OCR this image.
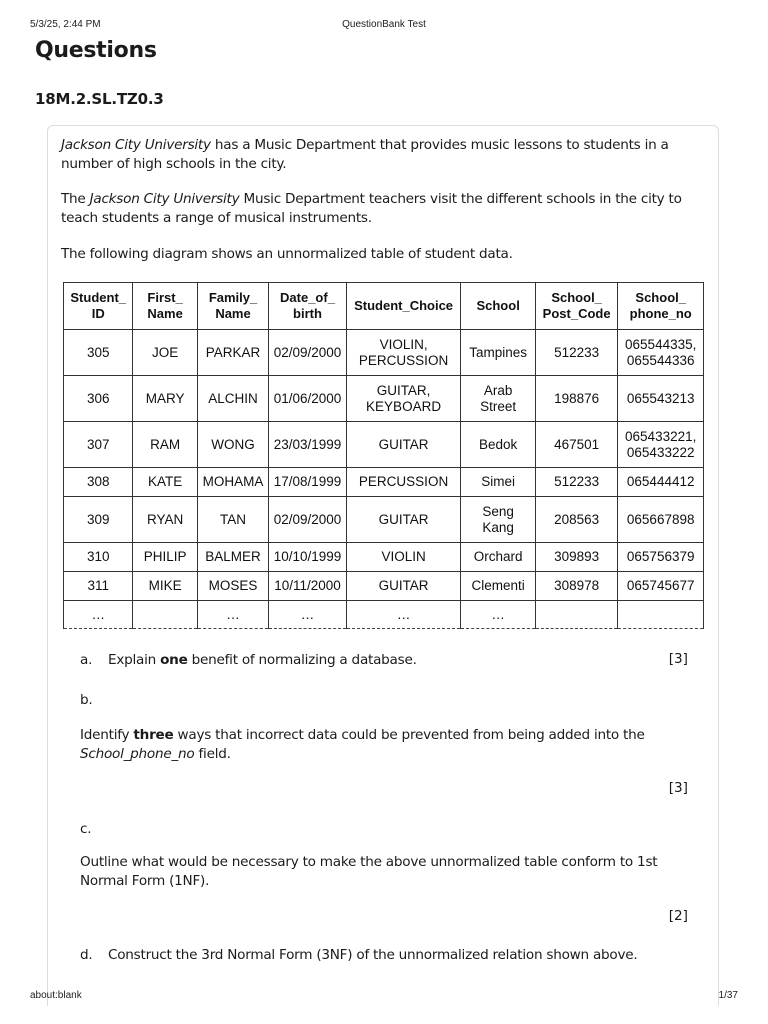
5/3/25, 2:44 PM	QuestionBank Test
Questions
18M.2.SL.TZ0.3

Jackson City University has a Music Department that provides music lessons to students in a number of high schools in the city.

The Jackson City University Music Department teachers visit the different schools in the city to teach students a range of musical instruments.

The following diagram shows an unnormalized table of student data.

Student_
ID	First_
Name	Family_
Name	Date_of_
birth	Student_Choice	School	School_
Post_Code	School_
phone_no
305	JOE	PARKAR	02/09/2000	VIOLIN,
PERCUSSION	Tampines	512233	065544335,
065544336
306	MARY	ALCHIN	01/06/2000	GUITAR,
KEYBOARD	Arab
Street	198876	065543213
307	RAM	WONG	23/03/1999	GUITAR	Bedok	467501	065433221,
065433222
308	KATE	MOHAMA	17/08/1999	PERCUSSION	Simei	512233	065444412
309	RYAN	TAN	02/09/2000	GUITAR	Seng
Kang	208563	065667898
310	PHILIP	BALMER	10/10/1999	VIOLIN	Orchard	309893	065756379
311	MIKE	MOSES	10/11/2000	GUITAR	Clementi	308978	065745677
…		…	…	…	…		
a. Explain one benefit of normalizing a database.	[3]
b.
Identify three ways that incorrect data could be prevented from being added into the School_phone_no field.
[3]
c.
Outline what would be necessary to make the above unnormalized table conform to 1st Normal Form (1NF).
[2]
d. Construct the 3rd Normal Form (3NF) of the unnormalized relation shown above.
about:blank	1/37
